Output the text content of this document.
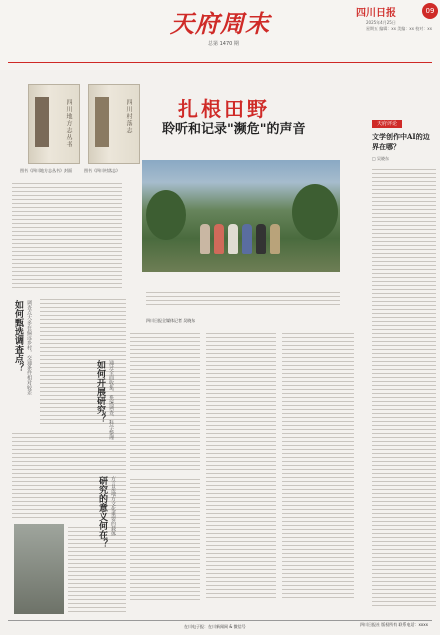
天府周末
总第 1470 期
四川日报	09
2025年4月25日
星期五 编辑：xx 美编：xx 校对：xx
四川地方志丛书	四川村落志
图书《四川地方志丛书》封面	图书《四川村落志》
扎根田野
聆听和记录"濒危"的声音
四川日报全媒体记者 吴晓东
如何甄选调查点？ 调查点大多在偏远乡村，交通条件相对较差	如何开展研究？ 通过全面收集、系统调查、科学整理
研究的意义何在？ 方言是地方文化重要的载体
天府评论
文学创作中AI的边界在哪？
□ 吴晓东
在川电子报：在川新闻网 & 微信号	四川日报社 版权所有 联系电话：xxxx
